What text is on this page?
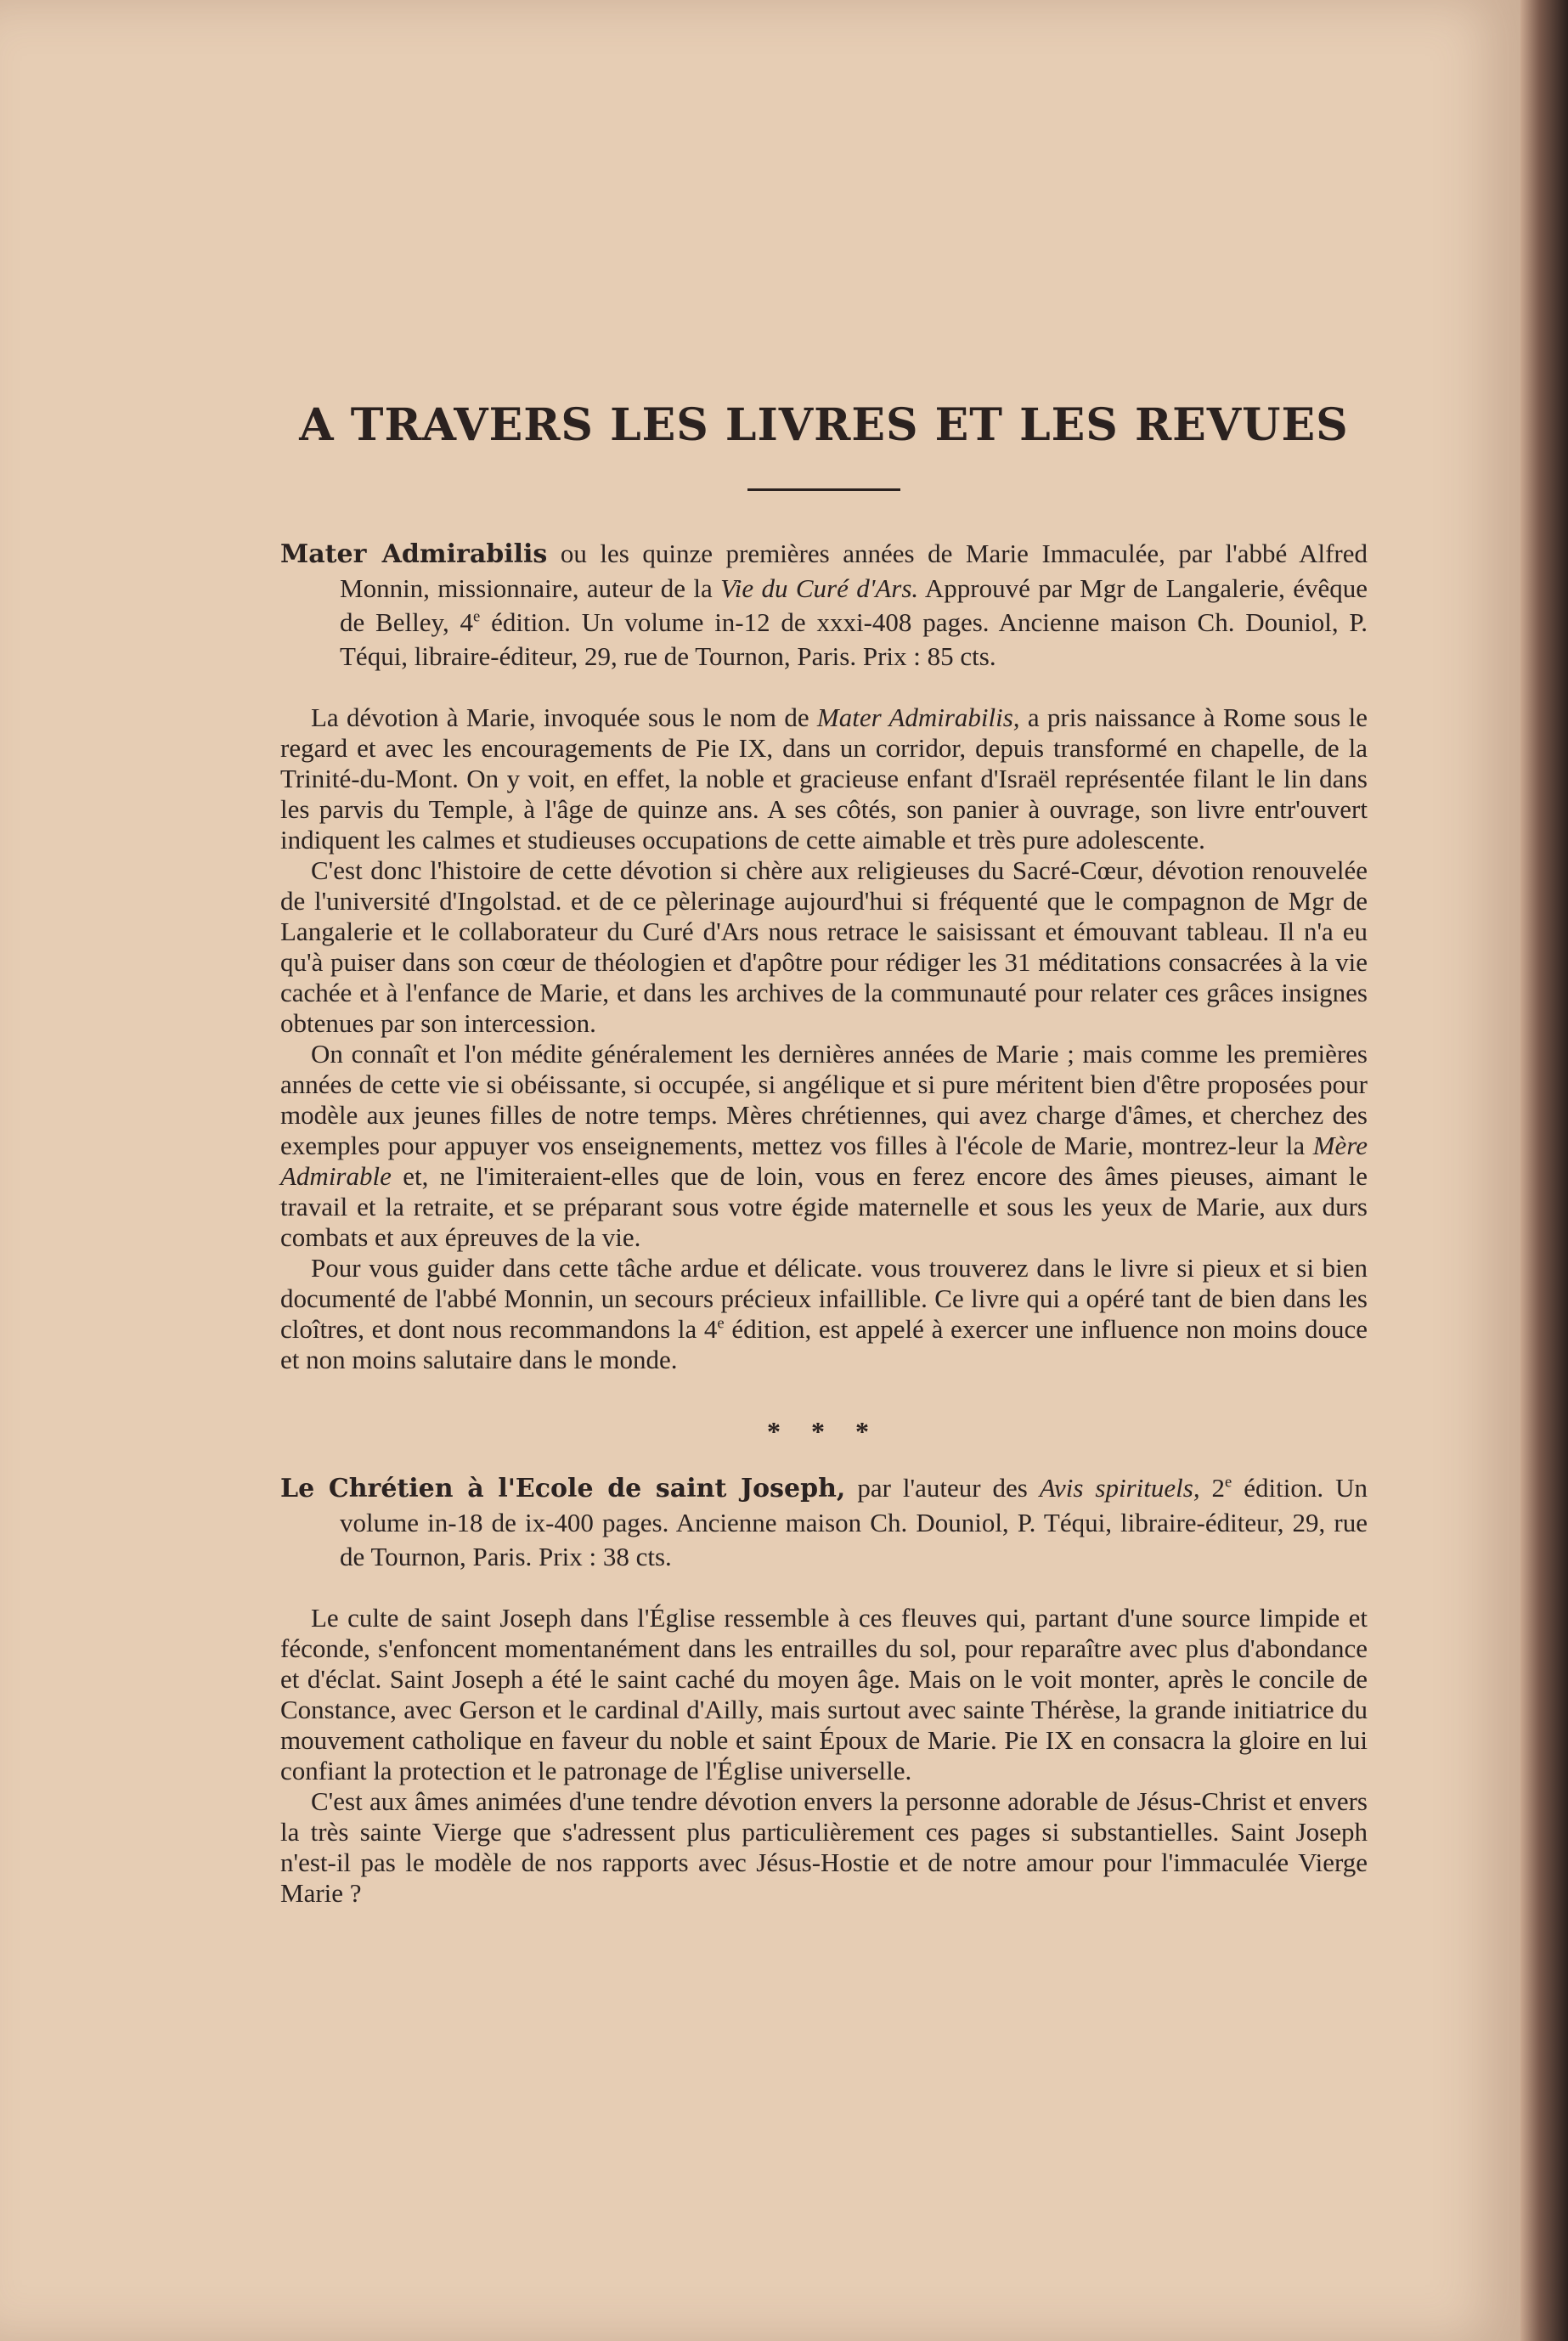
A TRAVERS LES LIVRES ET LES REVUES
Mater Admirabilis ou les quinze premières années de Marie Immaculée, par l'abbé Alfred Monnin, missionnaire, auteur de la Vie du Curé d'Ars. Approuvé par Mgr de Langalerie, évêque de Belley, 4e édition. Un volume in-12 de xxxi-408 pages. Ancienne maison Ch. Douniol, P. Téqui, libraire-éditeur, 29, rue de Tournon, Paris. Prix : 85 cts.

La dévotion à Marie, invoquée sous le nom de Mater Admirabilis, a pris naissance à Rome sous le regard et avec les encouragements de Pie IX, dans un corridor, depuis transformé en chapelle, de la Trinité-du-Mont. On y voit, en effet, la noble et gracieuse enfant d'Israël représentée filant le lin dans les parvis du Temple, à l'âge de quinze ans. A ses côtés, son panier à ouvrage, son livre entr'ouvert indiquent les calmes et studieuses occupations de cette aimable et très pure adolescente.

C'est donc l'histoire de cette dévotion si chère aux religieuses du Sacré-Cœur, dévotion renouvelée de l'université d'Ingolstad. et de ce pèlerinage aujourd'hui si fréquenté que le compagnon de Mgr de Langalerie et le collaborateur du Curé d'Ars nous retrace le saisissant et émouvant tableau. Il n'a eu qu'à puiser dans son cœur de théologien et d'apôtre pour rédiger les 31 méditations consacrées à la vie cachée et à l'enfance de Marie, et dans les archives de la communauté pour relater ces grâces insignes obtenues par son intercession.

On connaît et l'on médite généralement les dernières années de Marie ; mais comme les premières années de cette vie si obéissante, si occupée, si angélique et si pure méritent bien d'être proposées pour modèle aux jeunes filles de notre temps. Mères chrétiennes, qui avez charge d'âmes, et cherchez des exemples pour appuyer vos enseignements, mettez vos filles à l'école de Marie, montrez-leur la Mère Admirable et, ne l'imiteraient-elles que de loin, vous en ferez encore des âmes pieuses, aimant le travail et la retraite, et se préparant sous votre égide maternelle et sous les yeux de Marie, aux durs combats et aux épreuves de la vie.

Pour vous guider dans cette tâche ardue et délicate. vous trouverez dans le livre si pieux et si bien documenté de l'abbé Monnin, un secours précieux infaillible. Ce livre qui a opéré tant de bien dans les cloîtres, et dont nous recommandons la 4e édition, est appelé à exercer une influence non moins douce et non moins salutaire dans le monde.

* * *
Le Chrétien à l'Ecole de saint Joseph, par l'auteur des Avis spirituels, 2e édition. Un volume in-18 de ix-400 pages. Ancienne maison Ch. Douniol, P. Téqui, libraire-éditeur, 29, rue de Tournon, Paris. Prix : 38 cts.

Le culte de saint Joseph dans l'Église ressemble à ces fleuves qui, partant d'une source limpide et féconde, s'enfoncent momentanément dans les entrailles du sol, pour reparaître avec plus d'abondance et d'éclat. Saint Joseph a été le saint caché du moyen âge. Mais on le voit monter, après le concile de Constance, avec Gerson et le cardinal d'Ailly, mais surtout avec sainte Thérèse, la grande initiatrice du mouvement catholique en faveur du noble et saint Époux de Marie. Pie IX en consacra la gloire en lui confiant la protection et le patronage de l'Église universelle.

C'est aux âmes animées d'une tendre dévotion envers la personne adorable de Jésus-Christ et envers la très sainte Vierge que s'adressent plus particulièrement ces pages si substantielles. Saint Joseph n'est-il pas le modèle de nos rapports avec Jésus-Hostie et de notre amour pour l'immaculée Vierge Marie ?
